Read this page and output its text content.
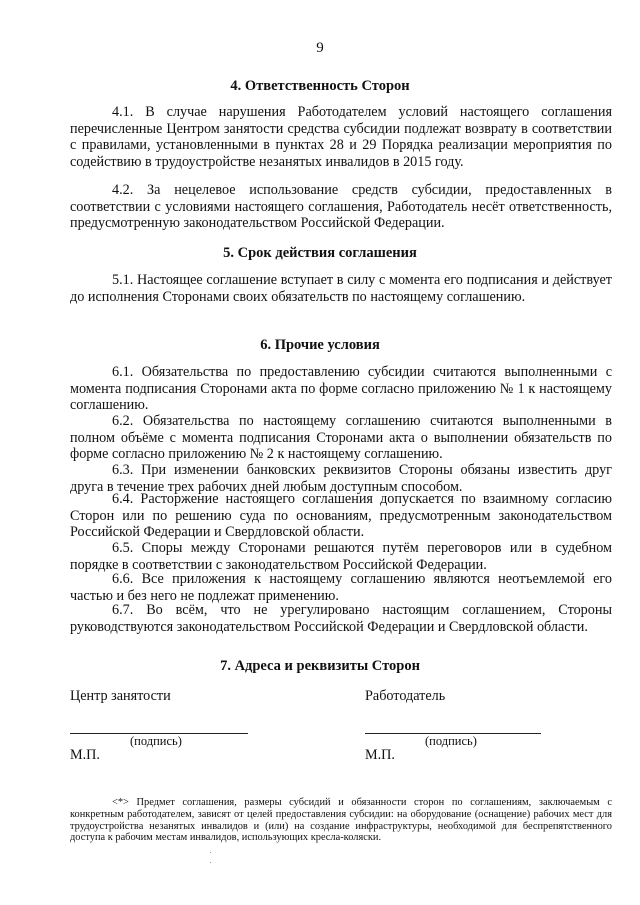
9
4. Ответственность Сторон
4.1. В случае нарушения Работодателем условий настоящего соглашения перечисленные Центром занятости средства субсидии подлежат возврату в соответствии с правилами, установленными в пунктах 28 и 29 Порядка реализации мероприятия по содействию в трудоустройстве незанятых инвалидов в 2015 году.
4.2. За нецелевое использование средств субсидии, предоставленных в соответствии с условиями настоящего соглашения, Работодатель несёт ответственность, предусмотренную законодательством Российской Федерации.
5. Срок действия соглашения
5.1. Настоящее соглашение вступает в силу с момента его подписания и действует до исполнения Сторонами своих обязательств по настоящему соглашению.
6. Прочие условия
6.1. Обязательства по предоставлению субсидии считаются выполненными с момента подписания Сторонами акта по форме согласно приложению № 1 к настоящему соглашению.
6.2. Обязательства по настоящему соглашению считаются выполненными в полном объёме с момента подписания Сторонами акта о выполнении обязательств по форме согласно приложению № 2 к настоящему соглашению.
6.3. При изменении банковских реквизитов Стороны обязаны известить друг друга в течение трех рабочих дней любым доступным способом.
6.4. Расторжение настоящего соглашения допускается по взаимному согласию Сторон или по решению суда по основаниям, предусмотренным законодательством Российской Федерации и Свердловской области.
6.5. Споры между Сторонами решаются путём переговоров или в судебном порядке в соответствии с законодательством Российской Федерации.
6.6. Все приложения к настоящему соглашению являются неотъемлемой его частью и без него не подлежат применению.
6.7. Во всём, что не урегулировано настоящим соглашением, Стороны руководствуются законодательством Российской Федерации и Свердловской области.
7. Адреса и реквизиты Сторон
Центр занятости	Работодатель
(подпись)	(подпись)
М.П.	М.П.
<*> Предмет соглашения, размеры субсидий и обязанности сторон по соглашениям, заключаемым с конкретным работодателем, зависят от целей предоставления субсидии: на оборудование (оснащение) рабочих мест для трудоустройства незанятых инвалидов и (или) на создание инфраструктуры, необходимой для беспрепятственного доступа к рабочим местам инвалидов, использующих кресла-коляски.
